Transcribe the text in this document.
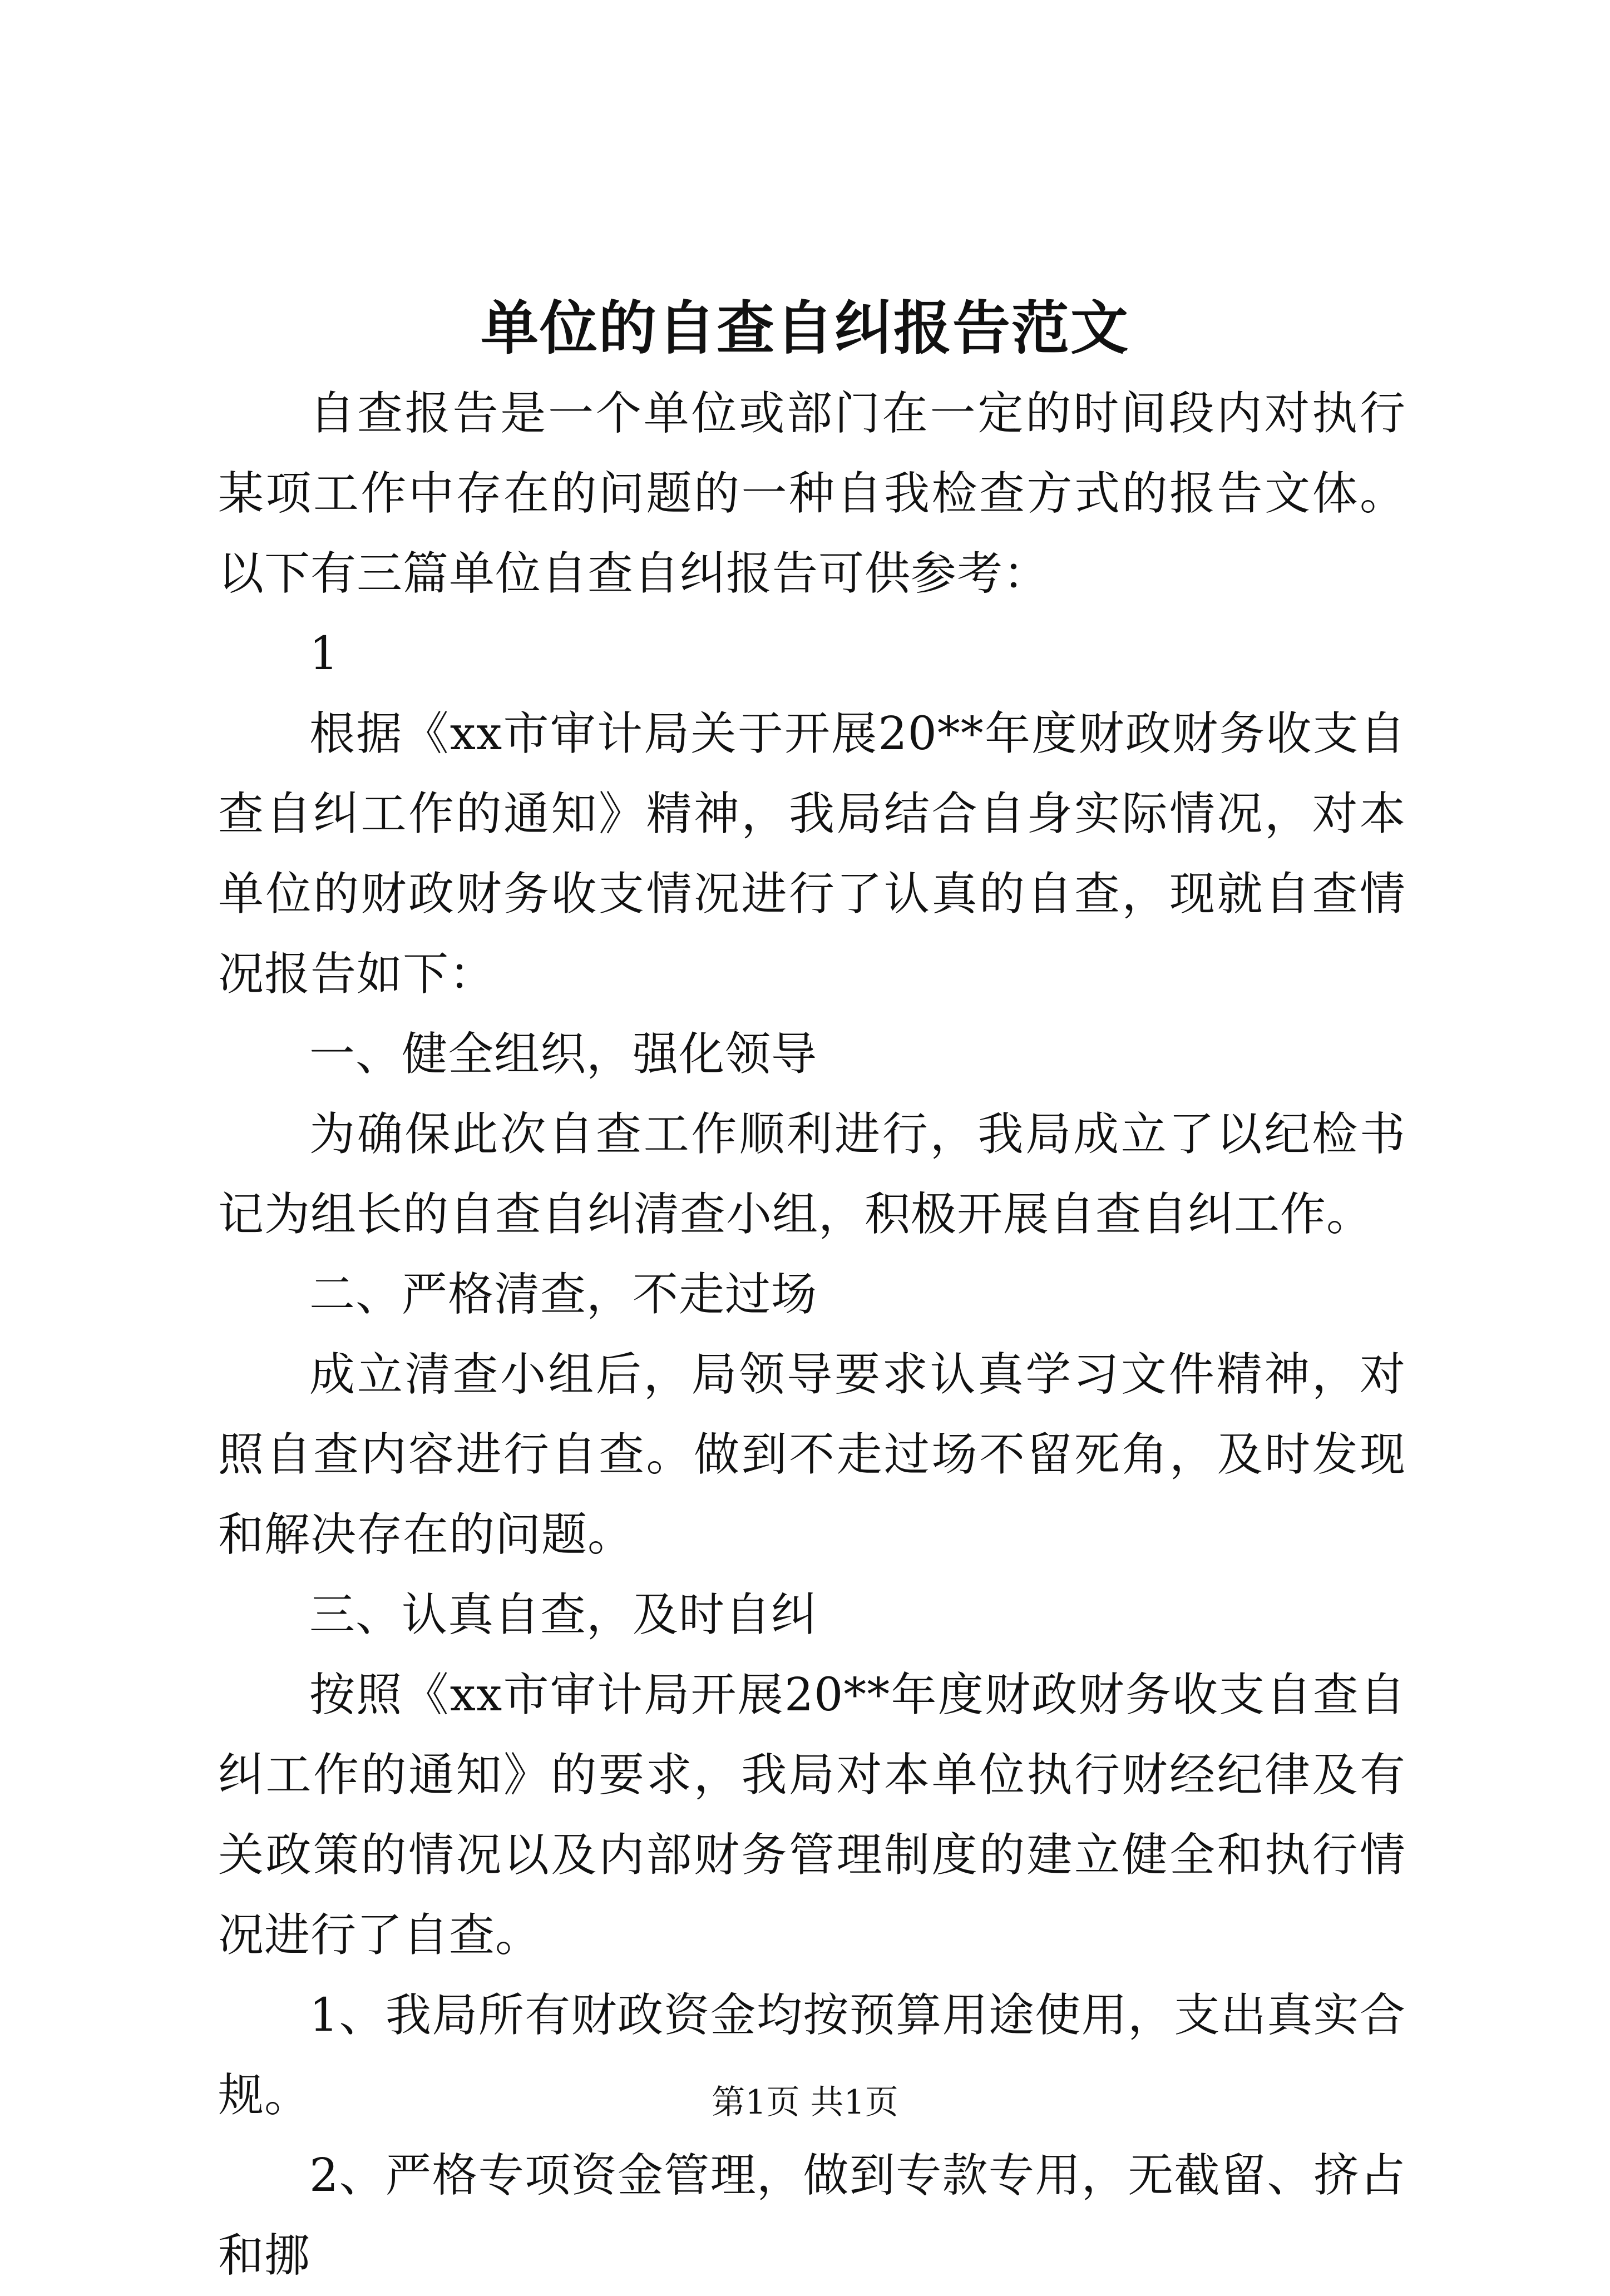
单位的自查自纠报告范文

自查报告是一个单位或部门在一定的时间段内对执行某项工作中存在的问题的一种自我检查方式的报告文体。以下有三篇单位自查自纠报告可供参考：

1

根据《xx市审计局关于开展20**年度财政财务收支自查自纠工作的通知》精神，我局结合自身实际情况，对本单位的财政财务收支情况进行了认真的自查，现就自查情况报告如下：

一、健全组织，强化领导

为确保此次自查工作顺利进行，我局成立了以纪检书记为组长的自查自纠清查小组，积极开展自查自纠工作。

二、严格清查，不走过场

成立清查小组后，局领导要求认真学习文件精神，对照自查内容进行自查。做到不走过场不留死角，及时发现和解决存在的问题。

三、认真自查，及时自纠

按照《xx市审计局开展20**年度财政财务收支自查自纠工作的通知》的要求，我局对本单位执行财经纪律及有关政策的情况以及内部财务管理制度的建立健全和执行情况进行了自查。

1、我局所有财政资金均按预算用途使用，支出真实合规。

2、严格专项资金管理，做到专款专用，无截留、挤占和挪

第1页 共1页
